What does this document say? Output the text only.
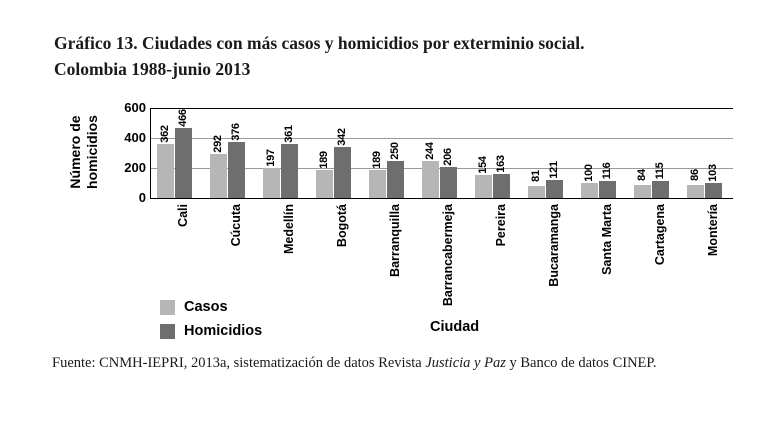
Gráfico 13. Ciudades con más casos y homicidios por exterminio social. Colombia 1988-junio 2013
Número de homicidios
600
400
200
0
362
466
292
376
197
361
189
342
189
250 244 206 154 163
81 121 100 116 84 115 86 103
Cali	Cúcuta	Medellín	Bogotá	Barranquilla	Barrancabermeja	Pereira	Bucaramanga	Santa Marta	Cartagena	Montería
Casos
Homicidios	Ciudad
Fuente: CNMH-IEPRI, 2013a, sistematización de datos Revista Justicia y Paz y Banco de datos CINEP.
